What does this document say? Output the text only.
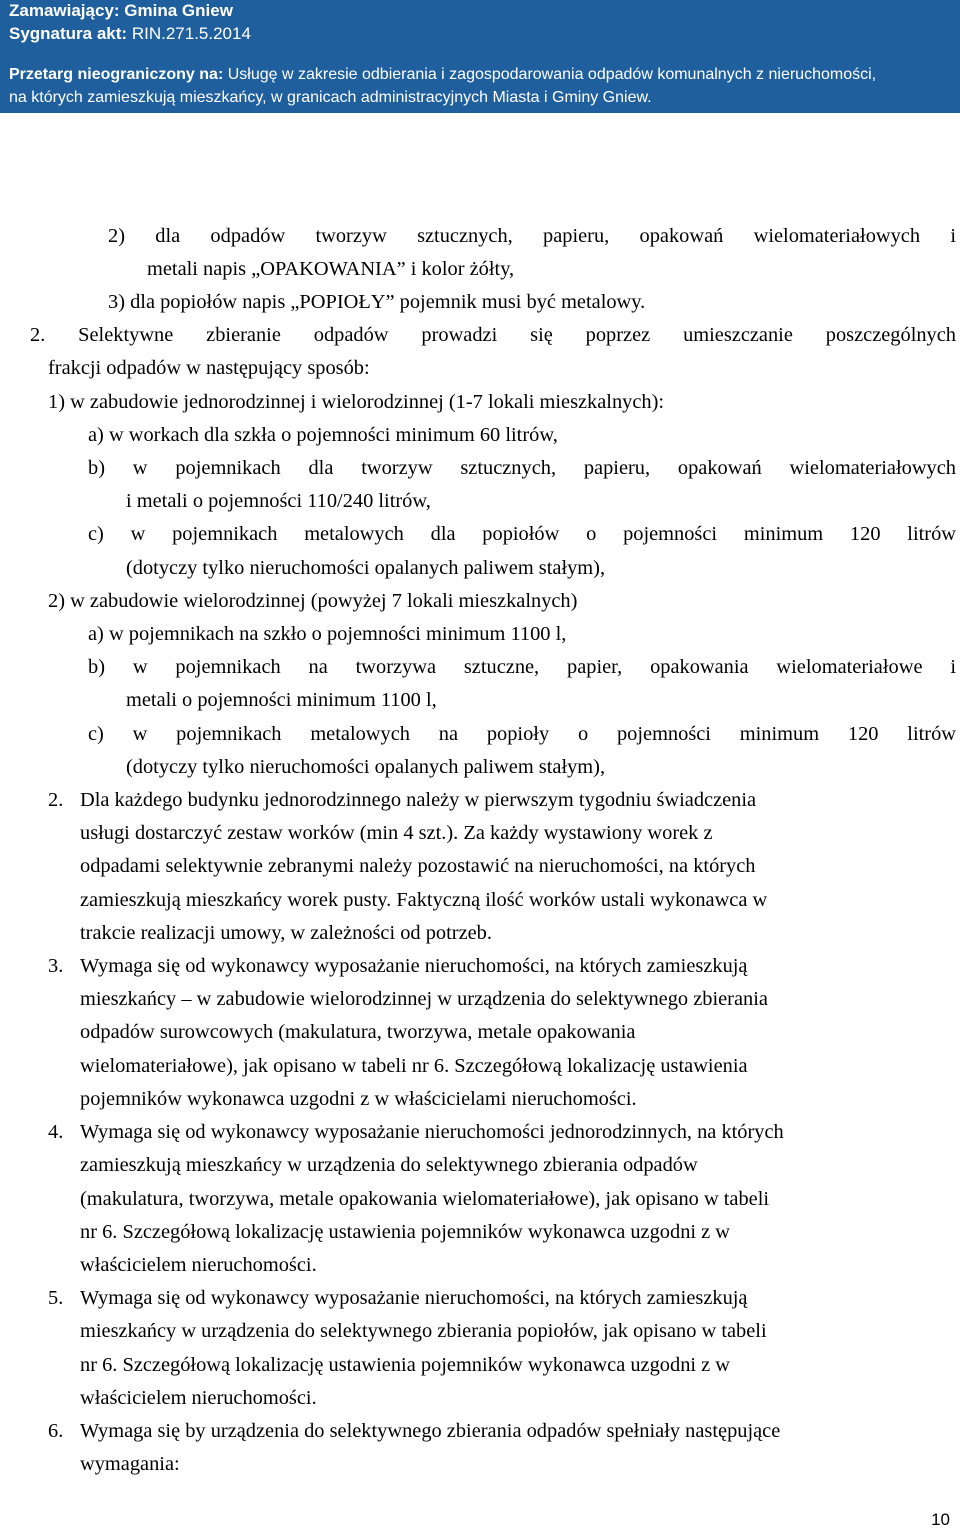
Zamawiający: Gmina Gniew
Sygnatura akt: RIN.271.5.2014
Przetarg nieograniczony na: Usługę w zakresie odbierania i zagospodarowania odpadów komunalnych z nieruchomości,
na których zamieszkują mieszkańcy, w granicach administracyjnych Miasta i Gminy Gniew.
2) dla odpadów tworzyw sztucznych, papieru, opakowań wielomateriałowych i
metali napis „OPAKOWANIA” i kolor żółty,
3) dla popiołów napis „POPIOŁY” pojemnik musi być metalowy.
2. Selektywne zbieranie odpadów prowadzi się poprzez umieszczanie poszczególnych
frakcji odpadów w następujący sposób:
1) w zabudowie jednorodzinnej i wielorodzinnej (1-7 lokali mieszkalnych):
a) w workach dla szkła o pojemności minimum 60 litrów,
b) w pojemnikach dla tworzyw sztucznych, papieru, opakowań wielomateriałowych
i metali o pojemności 110/240 litrów,
c) w pojemnikach metalowych dla popiołów o pojemności minimum 120 litrów
(dotyczy tylko nieruchomości opalanych paliwem stałym),
2) w zabudowie wielorodzinnej (powyżej 7 lokali mieszkalnych)
a) w pojemnikach na szkło o pojemności minimum 1100 l,
b) w pojemnikach na tworzywa sztuczne, papier, opakowania wielomateriałowe i
metali o pojemności minimum 1100 l,
c) w pojemnikach metalowych na popioły o pojemności minimum 120 litrów
(dotyczy tylko nieruchomości opalanych paliwem stałym),
2. Dla każdego budynku jednorodzinnego należy w pierwszym tygodniu świadczenia
usługi dostarczyć zestaw worków (min 4 szt.). Za każdy wystawiony worek z
odpadami selektywnie zebranymi należy pozostawić na nieruchomości, na których
zamieszkują mieszkańcy worek pusty. Faktyczną ilość worków ustali wykonawca w
trakcie realizacji umowy, w zależności od potrzeb.
3. Wymaga się od wykonawcy wyposażanie nieruchomości, na których zamieszkują
mieszkańcy – w zabudowie wielorodzinnej w urządzenia do selektywnego zbierania
odpadów surowcowych (makulatura, tworzywa, metale opakowania
wielomateriałowe), jak opisano w tabeli nr 6. Szczegółową lokalizację ustawienia
pojemników wykonawca uzgodni z w właścicielami nieruchomości.
4. Wymaga się od wykonawcy wyposażanie nieruchomości jednorodzinnych, na których
zamieszkują mieszkańcy w urządzenia do selektywnego zbierania odpadów
(makulatura, tworzywa, metale opakowania wielomateriałowe), jak opisano w tabeli
nr 6. Szczegółową lokalizację ustawienia pojemników wykonawca uzgodni z w
właścicielem nieruchomości.
5. Wymaga się od wykonawcy wyposażanie nieruchomości, na których zamieszkują
mieszkańcy w urządzenia do selektywnego zbierania popiołów, jak opisano w tabeli
nr 6. Szczegółową lokalizację ustawienia pojemników wykonawca uzgodni z w
właścicielem nieruchomości.
6. Wymaga się by urządzenia do selektywnego zbierania odpadów spełniały następujące
wymagania:
10
